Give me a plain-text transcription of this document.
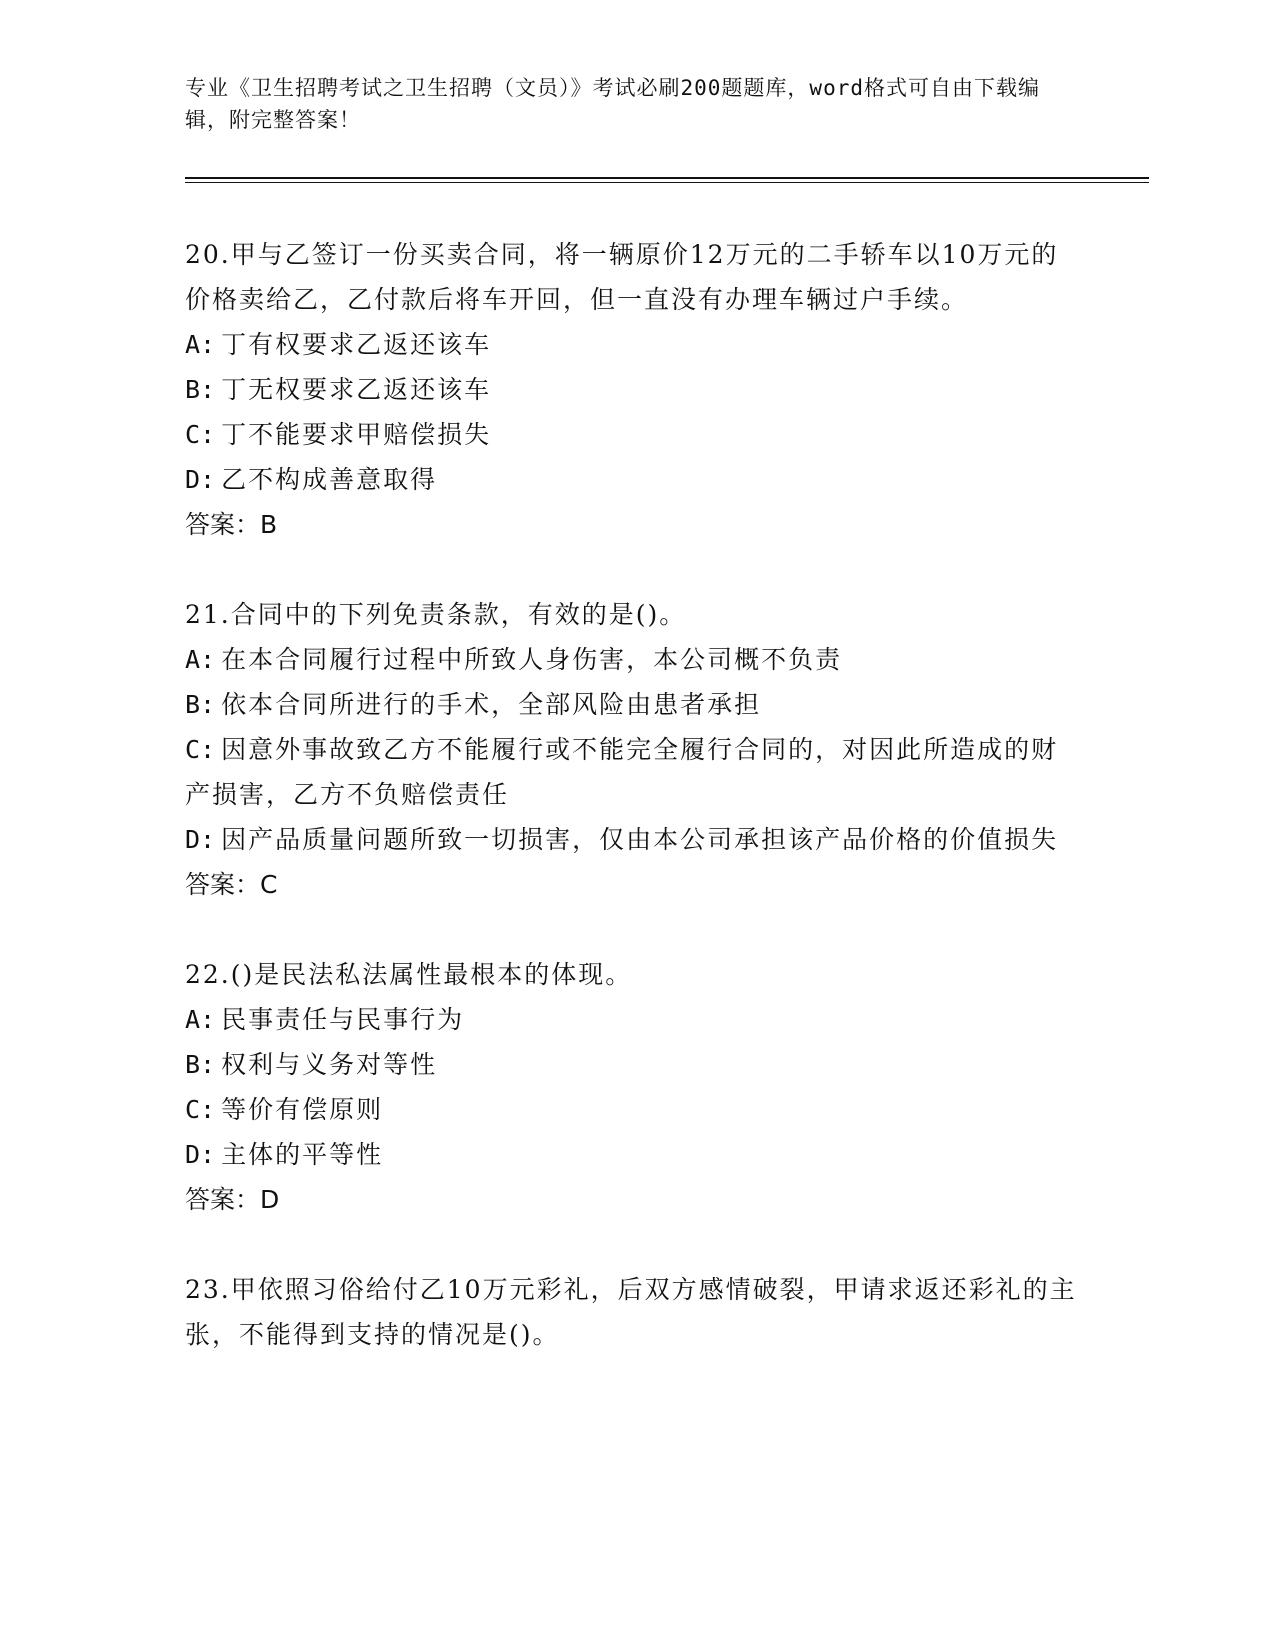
专业《卫生招聘考试之卫生招聘（文员）》考试必刷200题题库，word格式可自由下载编辑，附完整答案！

20.甲与乙签订一份买卖合同，将一辆原价12万元的二手轿车以10万元的价格卖给乙，乙付款后将车开回，但一直没有办理车辆过户手续。

A: 丁有权要求乙返还该车

B: 丁无权要求乙返还该车

C: 丁不能要求甲赔偿损失

D: 乙不构成善意取得

答案：B

21.合同中的下列免责条款，有效的是()。

A: 在本合同履行过程中所致人身伤害，本公司概不负责

B: 依本合同所进行的手术，全部风险由患者承担

C: 因意外事故致乙方不能履行或不能完全履行合同的，对因此所造成的财产损害，乙方不负赔偿责任

D: 因产品质量问题所致一切损害，仅由本公司承担该产品价格的价值损失

答案：C

22.()是民法私法属性最根本的体现。

A: 民事责任与民事行为

B: 权利与义务对等性

C: 等价有偿原则

D: 主体的平等性

答案：D

23.甲依照习俗给付乙10万元彩礼，后双方感情破裂，甲请求返还彩礼的主张，不能得到支持的情况是()。
